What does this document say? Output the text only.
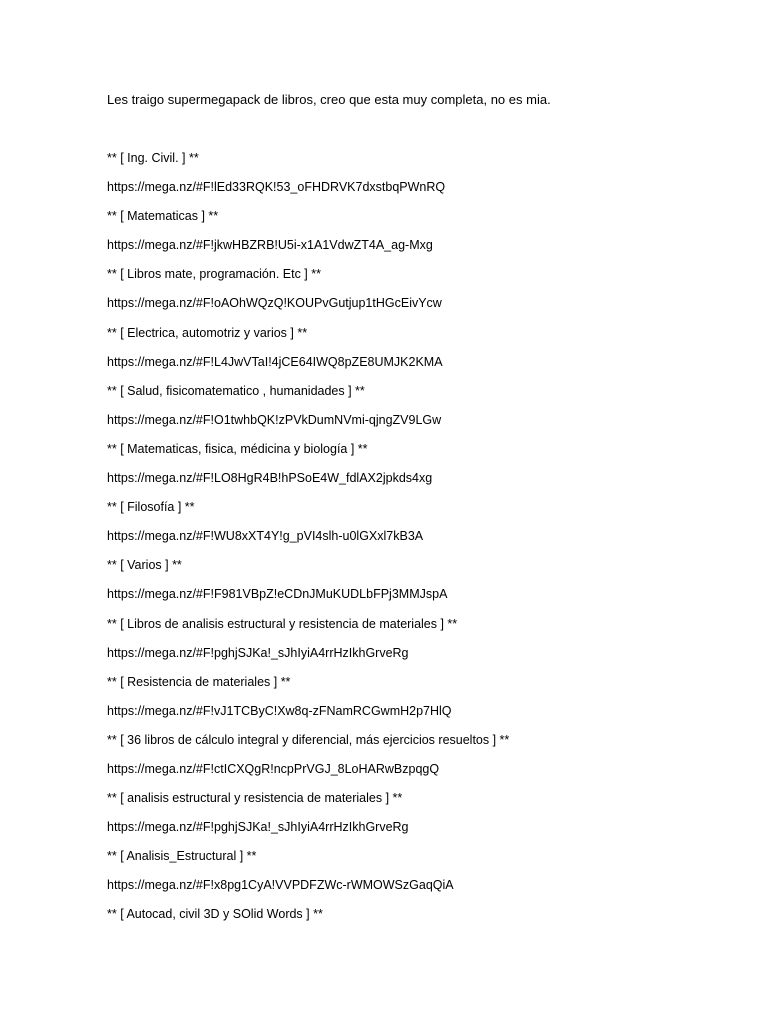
Les traigo supermegapack de libros, creo que esta muy completa, no es mia.

** [ Ing. Civil. ] **
https://mega.nz/#F!lEd33RQK!53_oFHDRVK7dxstbqPWnRQ
** [ Matematicas ] **
https://mega.nz/#F!jkwHBZRB!U5i-x1A1VdwZT4A_ag-Mxg
** [ Libros mate, programación. Etc ] **
https://mega.nz/#F!oAOhWQzQ!KOUPvGutjup1tHGcEivYcw
** [ Electrica, automotriz y varios ] **
https://mega.nz/#F!L4JwVTaI!4jCE64IWQ8pZE8UMJK2KMA
** [ Salud, fisicomatematico , humanidades ] **
https://mega.nz/#F!O1twhbQK!zPVkDumNVmi-qjngZV9LGw
** [ Matematicas, fisica, médicina y biología ] **
https://mega.nz/#F!LO8HgR4B!hPSoE4W_fdlAX2jpkds4xg
** [ Filosofía ] **
https://mega.nz/#F!WU8xXT4Y!g_pVI4slh-u0lGXxl7kB3A
** [ Varios ] **
https://mega.nz/#F!F981VBpZ!eCDnJMuKUDLbFPj3MMJspA
** [ Libros de analisis estructural y resistencia de materiales ] **
https://mega.nz/#F!pghjSJKa!_sJhIyiA4rrHzIkhGrveRg
** [ Resistencia de materiales ] **
https://mega.nz/#F!vJ1TCByC!Xw8q-zFNamRCGwmH2p7HlQ
** [ 36 libros de cálculo integral y diferencial, más ejercicios resueltos ] **
https://mega.nz/#F!ctICXQgR!ncpPrVGJ_8LoHARwBzpqgQ
** [ analisis estructural y resistencia de materiales ] **
https://mega.nz/#F!pghjSJKa!_sJhIyiA4rrHzIkhGrveRg
** [ Analisis_Estructural ] **
https://mega.nz/#F!x8pg1CyA!VVPDFZWc-rWMOWSzGaqQiA
** [ Autocad, civil 3D y SOlid Words ] **
